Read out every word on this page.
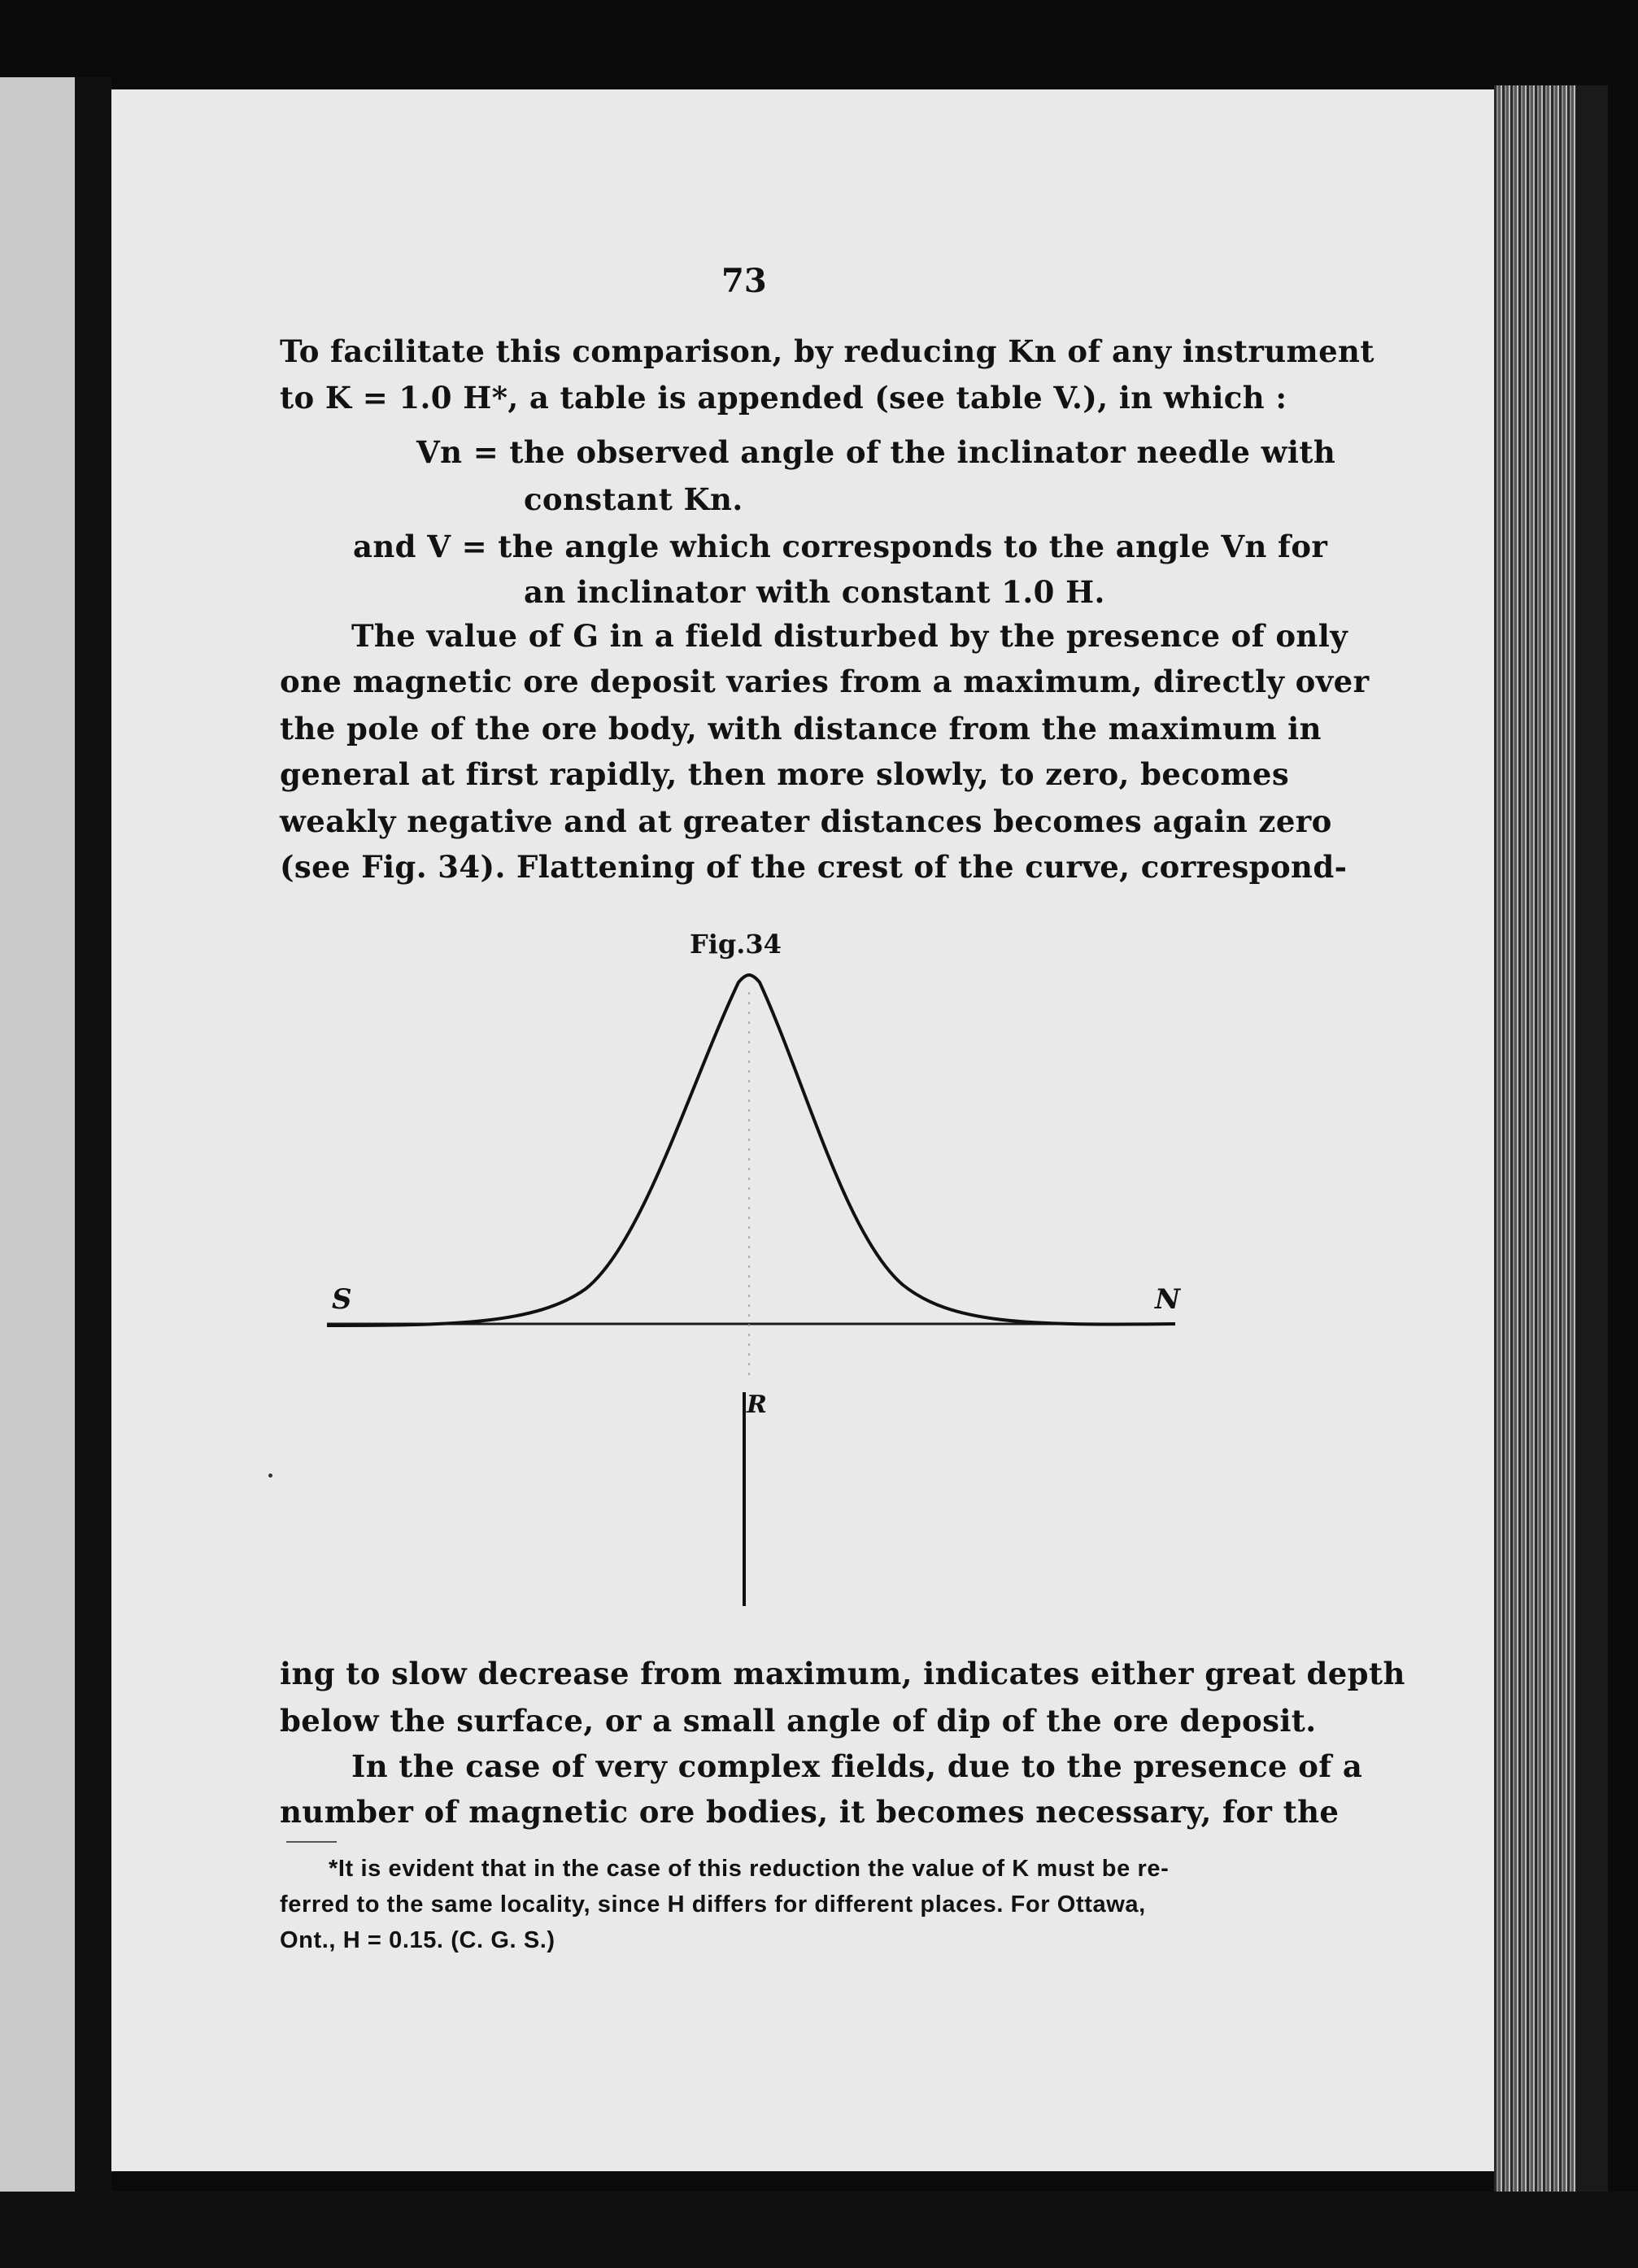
73

To facilitate this comparison, by reducing Kn of any instrument

to K = 1.0 H*, a table is appended (see table V.), in which :

Vn = the observed angle of the inclinator needle with

constant Kn.

and V = the angle which corresponds to the angle Vn for

an inclinator with constant 1.0 H.

The value of G in a field disturbed by the presence of only

one magnetic ore deposit varies from a maximum, directly over

the pole of the ore body, with distance from the maximum in

general at first rapidly, then more slowly, to zero, becomes

weakly negative and at greater distances becomes again zero

(see Fig. 34). Flattening of the crest of the curve, correspond-

Fig.34

S	N

R

ing to slow decrease from maximum, indicates either great depth

below the surface, or a small angle of dip of the ore deposit.

In the case of very complex fields, due to the presence of a

number of magnetic ore bodies, it becomes necessary, for the

*It is evident that in the case of this reduction the value of K must be re-

ferred to the same locality, since H differs for different places. For Ottawa,

Ont., H = 0.15. (C. G. S.)
